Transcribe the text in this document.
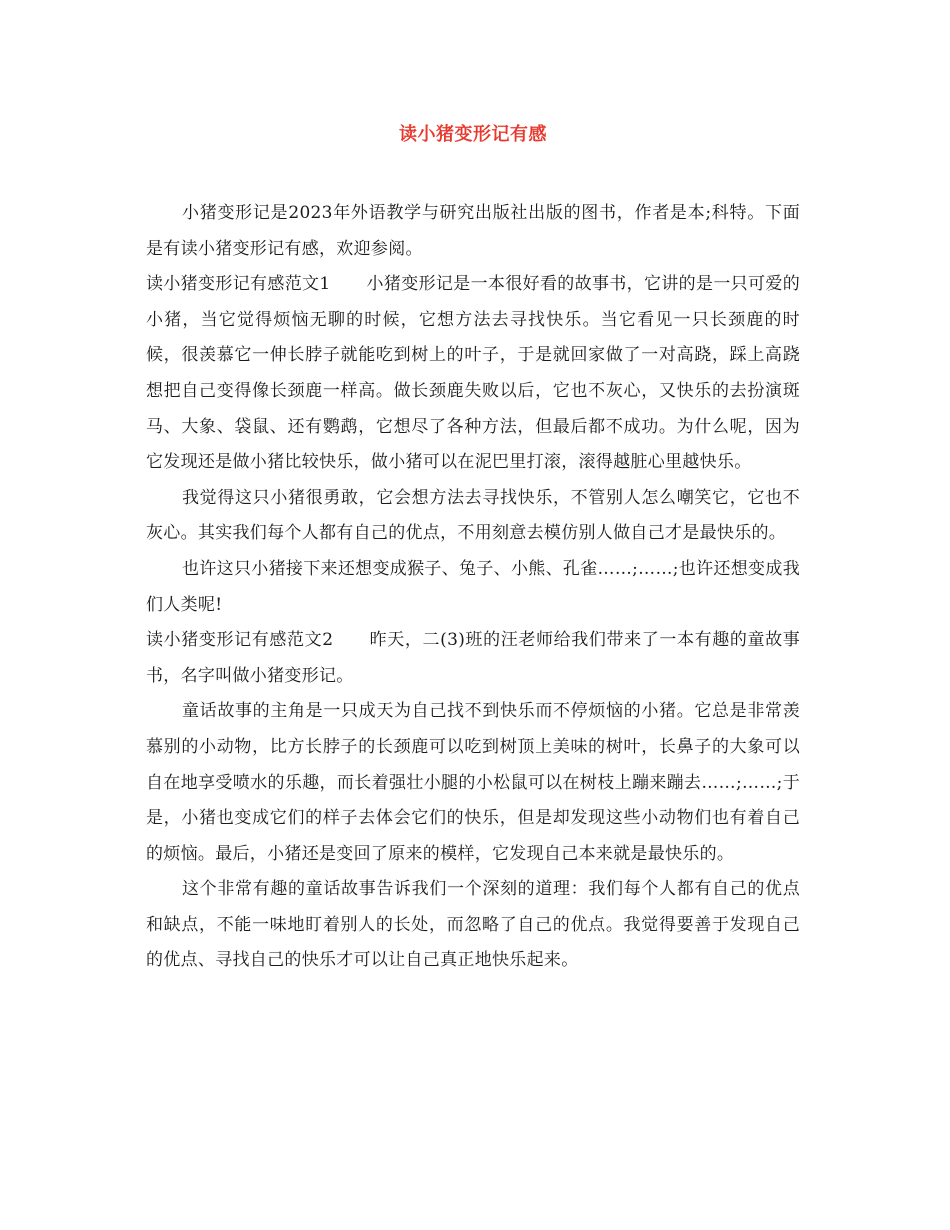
读小猪变形记有感

小猪变形记是2023年外语教学与研究出版社出版的图书，作者是本;科特。下面是有读小猪变形记有感，欢迎参阅。

读小猪变形记有感范文1 小猪变形记是一本很好看的故事书，它讲的是一只可爱的小猪，当它觉得烦恼无聊的时候，它想方法去寻找快乐。当它看见一只长颈鹿的时候，很羡慕它一伸长脖子就能吃到树上的叶子，于是就回家做了一对高跷，踩上高跷想把自己变得像长颈鹿一样高。做长颈鹿失败以后，它也不灰心，又快乐的去扮演斑马、大象、袋鼠、还有鹦鹉，它想尽了各种方法，但最后都不成功。为什么呢，因为它发现还是做小猪比较快乐，做小猪可以在泥巴里打滚，滚得越脏心里越快乐。

我觉得这只小猪很勇敢，它会想方法去寻找快乐，不管别人怎么嘲笑它，它也不灰心。其实我们每个人都有自己的优点，不用刻意去模仿别人做自己才是最快乐的。

也许这只小猪接下来还想变成猴子、兔子、小熊、孔雀……;……;也许还想变成我们人类呢!

读小猪变形记有感范文2 昨天，二(3)班的汪老师给我们带来了一本有趣的童故事书，名字叫做小猪变形记。

童话故事的主角是一只成天为自己找不到快乐而不停烦恼的小猪。它总是非常羡慕别的小动物，比方长脖子的长颈鹿可以吃到树顶上美味的树叶，长鼻子的大象可以自在地享受喷水的乐趣，而长着强壮小腿的小松鼠可以在树枝上蹦来蹦去……;……;于是，小猪也变成它们的样子去体会它们的快乐，但是却发现这些小动物们也有着自己的烦恼。最后，小猪还是变回了原来的模样，它发现自己本来就是最快乐的。

这个非常有趣的童话故事告诉我们一个深刻的道理：我们每个人都有自己的优点和缺点，不能一味地盯着别人的长处，而忽略了自己的优点。我觉得要善于发现自己的优点、寻找自己的快乐才可以让自己真正地快乐起来。
